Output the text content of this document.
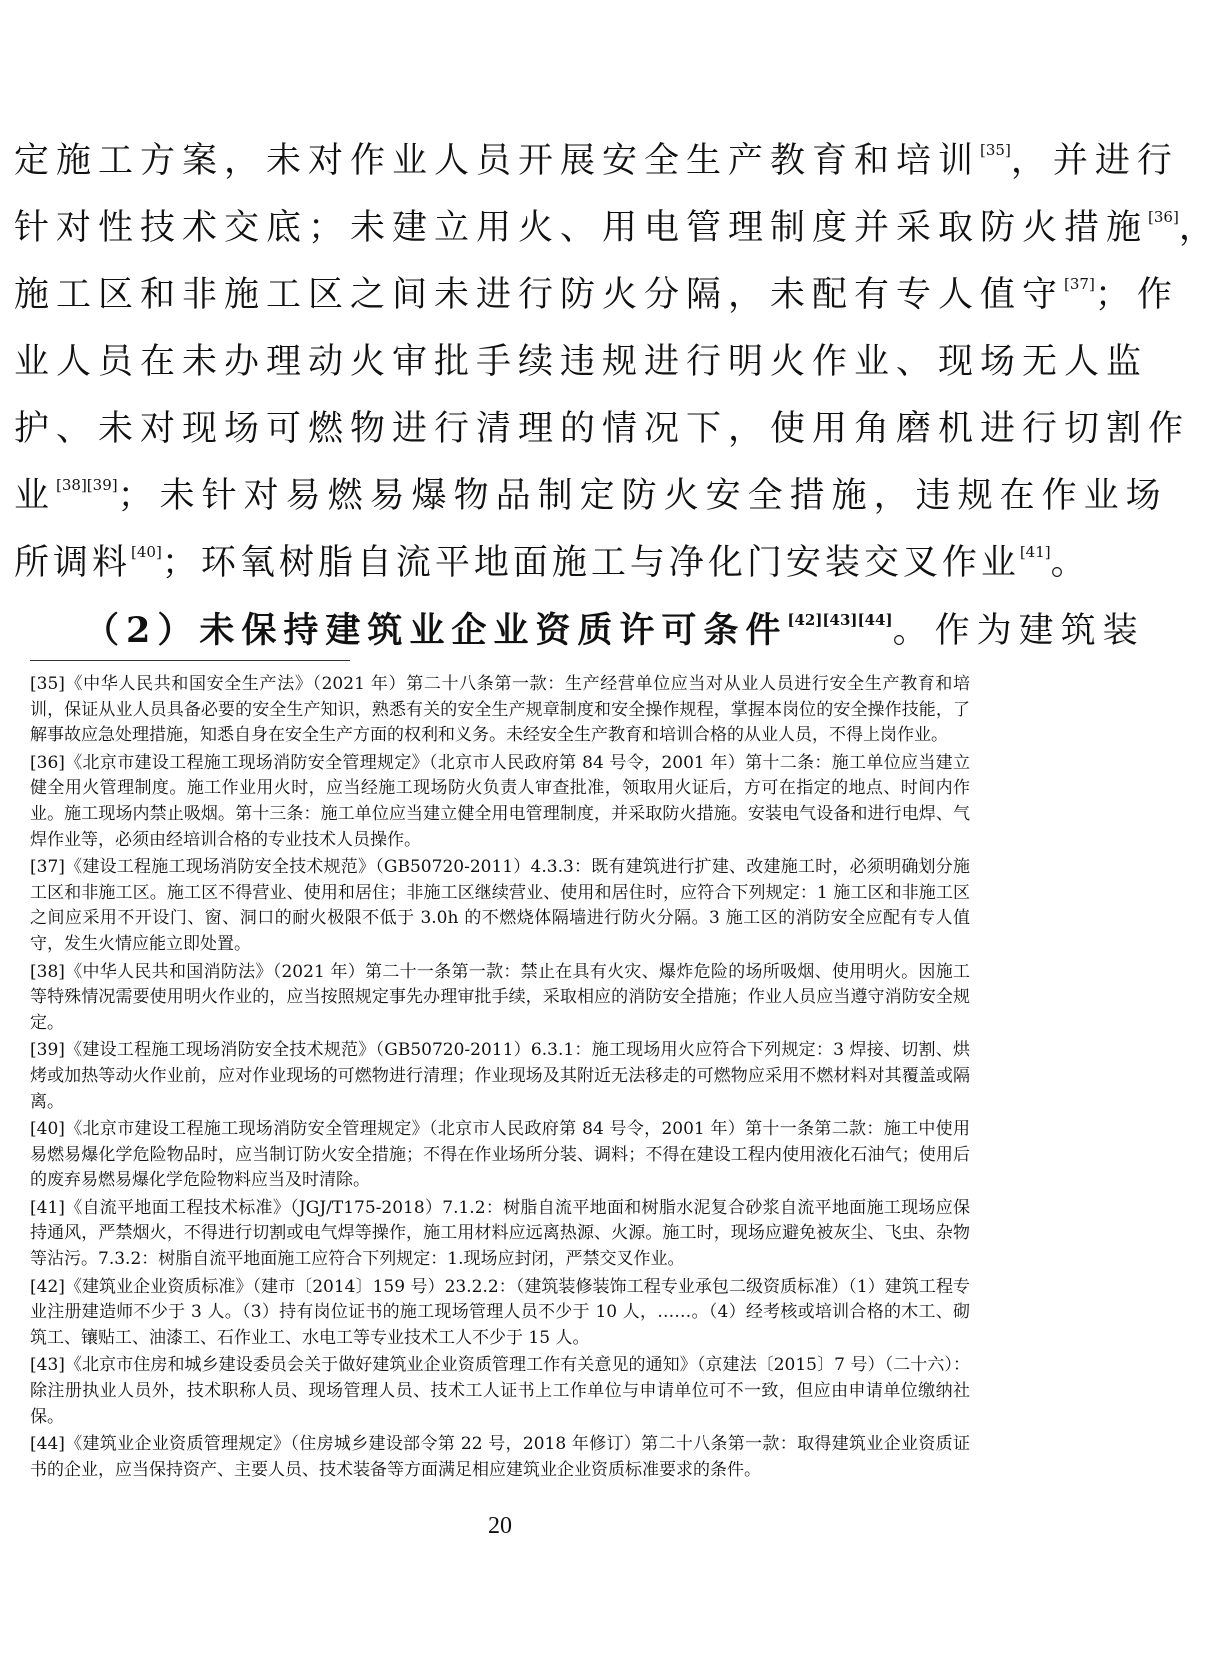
定施工方案，未对作业人员开展安全生产教育和培训[35]，并进行
针对性技术交底；未建立用火、用电管理制度并采取防火措施[36]，
施工区和非施工区之间未进行防火分隔，未配有专人值守[37]；作
业人员在未办理动火审批手续违规进行明火作业、现场无人监
护、未对现场可燃物进行清理的情况下，使用角磨机进行切割作
业[38][39]；未针对易燃易爆物品制定防火安全措施，违规在作业场
所调料[40]；环氧树脂自流平地面施工与净化门安装交叉作业[41]。
（2）未保持建筑业企业资质许可条件[42][43][44]。作为建筑装

[35]《中华人民共和国安全生产法》（2021 年）第二十八条第一款：生产经营单位应当对从业人员进行安全生产教育和培训，保证从业人员具备必要的安全生产知识，熟悉有关的安全生产规章制度和安全操作规程，掌握本岗位的安全操作技能，了解事故应急处理措施，知悉自身在安全生产方面的权利和义务。未经安全生产教育和培训合格的从业人员，不得上岗作业。

[36]《北京市建设工程施工现场消防安全管理规定》（北京市人民政府第 84 号令，2001 年）第十二条：施工单位应当建立健全用火管理制度。施工作业用火时，应当经施工现场防火负责人审查批准，领取用火证后，方可在指定的地点、时间内作业。施工现场内禁止吸烟。第十三条：施工单位应当建立健全用电管理制度，并采取防火措施。安装电气设备和进行电焊、气焊作业等，必须由经培训合格的专业技术人员操作。

[37]《建设工程施工现场消防安全技术规范》（GB50720-2011）4.3.3：既有建筑进行扩建、改建施工时，必须明确划分施工区和非施工区。施工区不得营业、使用和居住；非施工区继续营业、使用和居住时，应符合下列规定：1 施工区和非施工区之间应采用不开设门、窗、洞口的耐火极限不低于 3.0h 的不燃烧体隔墙进行防火分隔。3 施工区的消防安全应配有专人值守，发生火情应能立即处置。

[38]《中华人民共和国消防法》（2021 年）第二十一条第一款：禁止在具有火灾、爆炸危险的场所吸烟、使用明火。因施工等特殊情况需要使用明火作业的，应当按照规定事先办理审批手续，采取相应的消防安全措施；作业人员应当遵守消防安全规定。

[39]《建设工程施工现场消防安全技术规范》（GB50720-2011）6.3.1：施工现场用火应符合下列规定：3 焊接、切割、烘烤或加热等动火作业前，应对作业现场的可燃物进行清理；作业现场及其附近无法移走的可燃物应采用不燃材料对其覆盖或隔离。

[40]《北京市建设工程施工现场消防安全管理规定》（北京市人民政府第 84 号令，2001 年）第十一条第二款：施工中使用易燃易爆化学危险物品时，应当制订防火安全措施；不得在作业场所分装、调料；不得在建设工程内使用液化石油气；使用后的废弃易燃易爆化学危险物料应当及时清除。

[41]《自流平地面工程技术标准》（JGJ/T175-2018）7.1.2：树脂自流平地面和树脂水泥复合砂浆自流平地面施工现场应保持通风，严禁烟火，不得进行切割或电气焊等操作，施工用材料应远离热源、火源。施工时，现场应避免被灰尘、飞虫、杂物等沾污。7.3.2：树脂自流平地面施工应符合下列规定：1.现场应封闭，严禁交叉作业。

[42]《建筑业企业资质标准》（建市〔2014〕159 号）23.2.2：（建筑装修装饰工程专业承包二级资质标准）（1）建筑工程专业注册建造师不少于 3 人。（3）持有岗位证书的施工现场管理人员不少于 10 人，……。（4）经考核或培训合格的木工、砌筑工、镶贴工、油漆工、石作业工、水电工等专业技术工人不少于 15 人。

[43]《北京市住房和城乡建设委员会关于做好建筑业企业资质管理工作有关意见的通知》（京建法〔2015〕7 号）（二十六）：除注册执业人员外，技术职称人员、现场管理人员、技术工人证书上工作单位与申请单位可不一致，但应由申请单位缴纳社保。

[44]《建筑业企业资质管理规定》（住房城乡建设部令第 22 号，2018 年修订）第二十八条第一款：取得建筑业企业资质证书的企业，应当保持资产、主要人员、技术装备等方面满足相应建筑业企业资质标准要求的条件。

20
